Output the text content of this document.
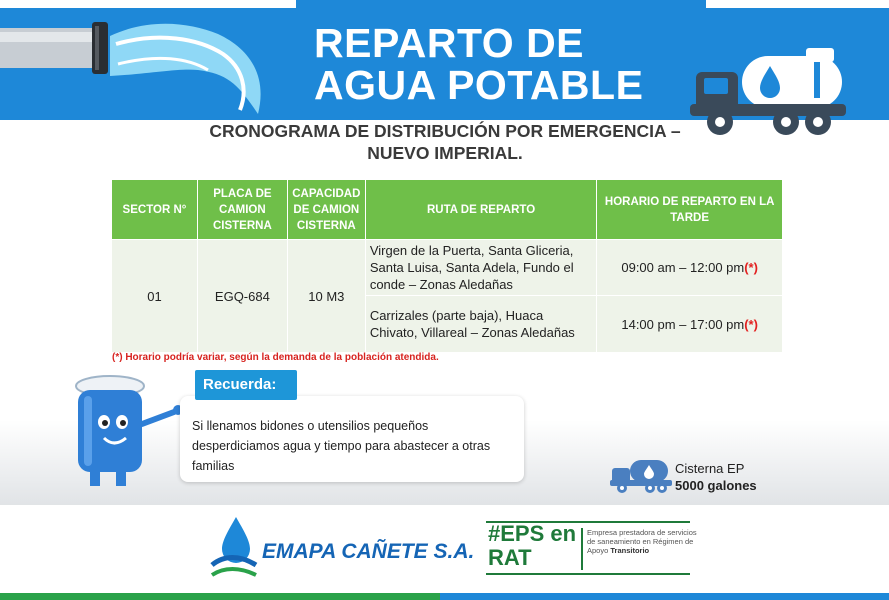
REPARTO DE
AGUA POTABLE
CRONOGRAMA DE DISTRIBUCIÓN POR EMERGENCIA –
NUEVO IMPERIAL.
SECTOR N°	PLACA DE CAMION CISTERNA	CAPACIDAD DE CAMION CISTERNA	RUTA DE REPARTO	HORARIO DE REPARTO EN LA TARDE
01	EGQ-684	10 M3	Virgen de la Puerta, Santa Gliceria, Santa Luisa, Santa Adela, Fundo el conde – Zonas Aledañas	09:00 am – 12:00 pm(*)
			Carrizales (parte baja), Huaca Chivato, Villareal – Zonas Aledañas	14:00 pm – 17:00 pm(*)
(*) Horario podría variar, según la demanda de la población atendida.
Recuerda:
Si llenamos bidones o utensilios pequeños desperdiciamos agua y tiempo para abastecer a otras familias	Cisterna EP
5000 galones
EMAPA CAÑETE S.A.
#EPS en RAT
Empresa prestadora de servicios de saneamiento en Régimen de Apoyo Transitorio
